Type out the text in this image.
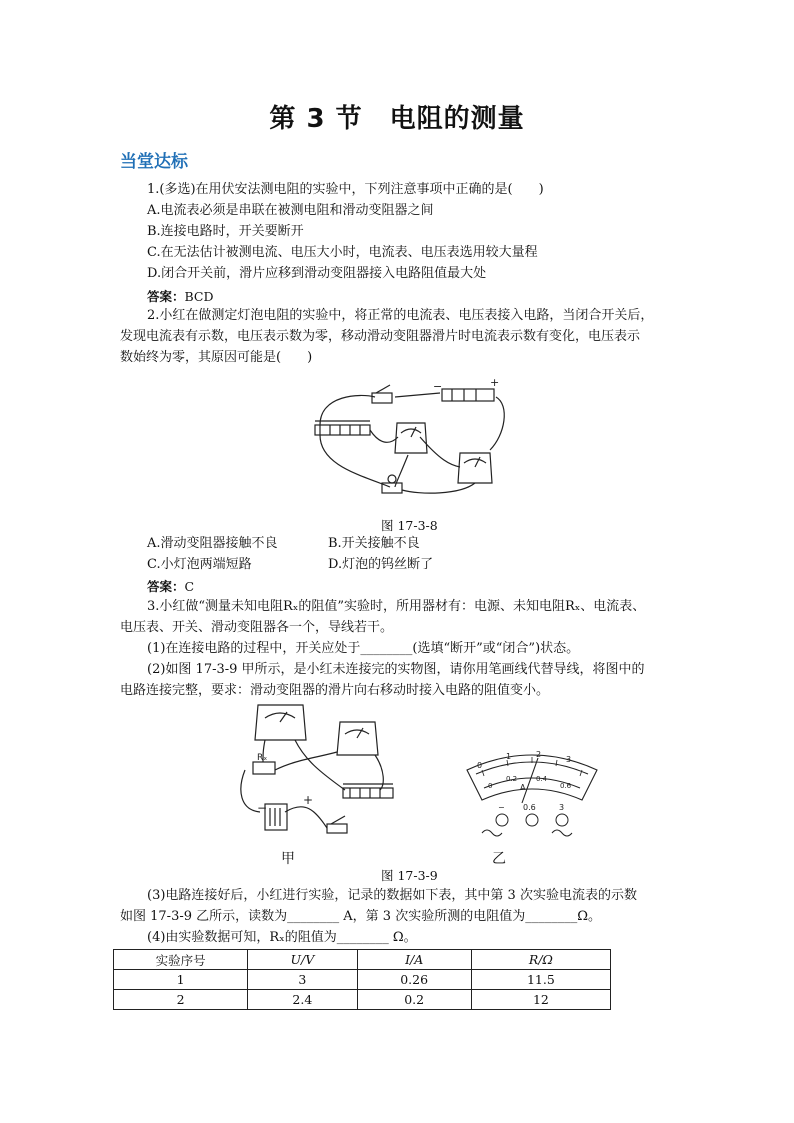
第 3 节　电阻的测量
当堂达标
1.(多选)在用伏安法测电阻的实验中，下列注意事项中正确的是(　　)
A.电流表必须是串联在被测电阻和滑动变阻器之间
B.连接电路时，开关要断开
C.在无法估计被测电流、电压大小时，电流表、电压表选用较大量程
D.闭合开关前，滑片应移到滑动变阻器接入电路阻值最大处
答案：BCD
2.小红在做测定灯泡电阻的实验中，将正常的电流表、电压表接入电路，当闭合开关后，
发现电流表有示数，电压表示数为零，移动滑动变阻器滑片时电流表示数有变化，电压表示
数始终为零，其原因可能是(　　)
−	+
图 17-3-8
A.滑动变阻器接触不良	B.开关接触不良
C.小灯泡两端短路	D.灯泡的钨丝断了
答案：C
3.小红做“测量未知电阻Rₓ的阻值”实验时，所用器材有：电源、未知电阻Rₓ、电流表、
电压表、开关、滑动变阻器各一个，导线若干。
(1)在连接电路的过程中，开关应处于________(选填“断开”或“闭合”)状态。
(2)如图 17-3-9 甲所示，是小红未连接完的实物图，请你用笔画线代替导线，将图中的
电路连接完整，要求：滑动变阻器的滑片向右移动时接入电路的阻值变小。
Rₓ
−
+
0
1	2
3
0
0.2	0.4
0.6
A
− 0.6	3
甲	乙
图 17-3-9
(3)电路连接好后，小红进行实验，记录的数据如下表，其中第 3 次实验电流表的示数
如图 17-3-9 乙所示，读数为________ A，第 3 次实验所测的电阻值为________Ω。
(4)由实验数据可知，Rₓ的阻值为________ Ω。
实验序号	U/V	I/A	R/Ω
1	3	0.26	11.5
2	2.4	0.2	12
